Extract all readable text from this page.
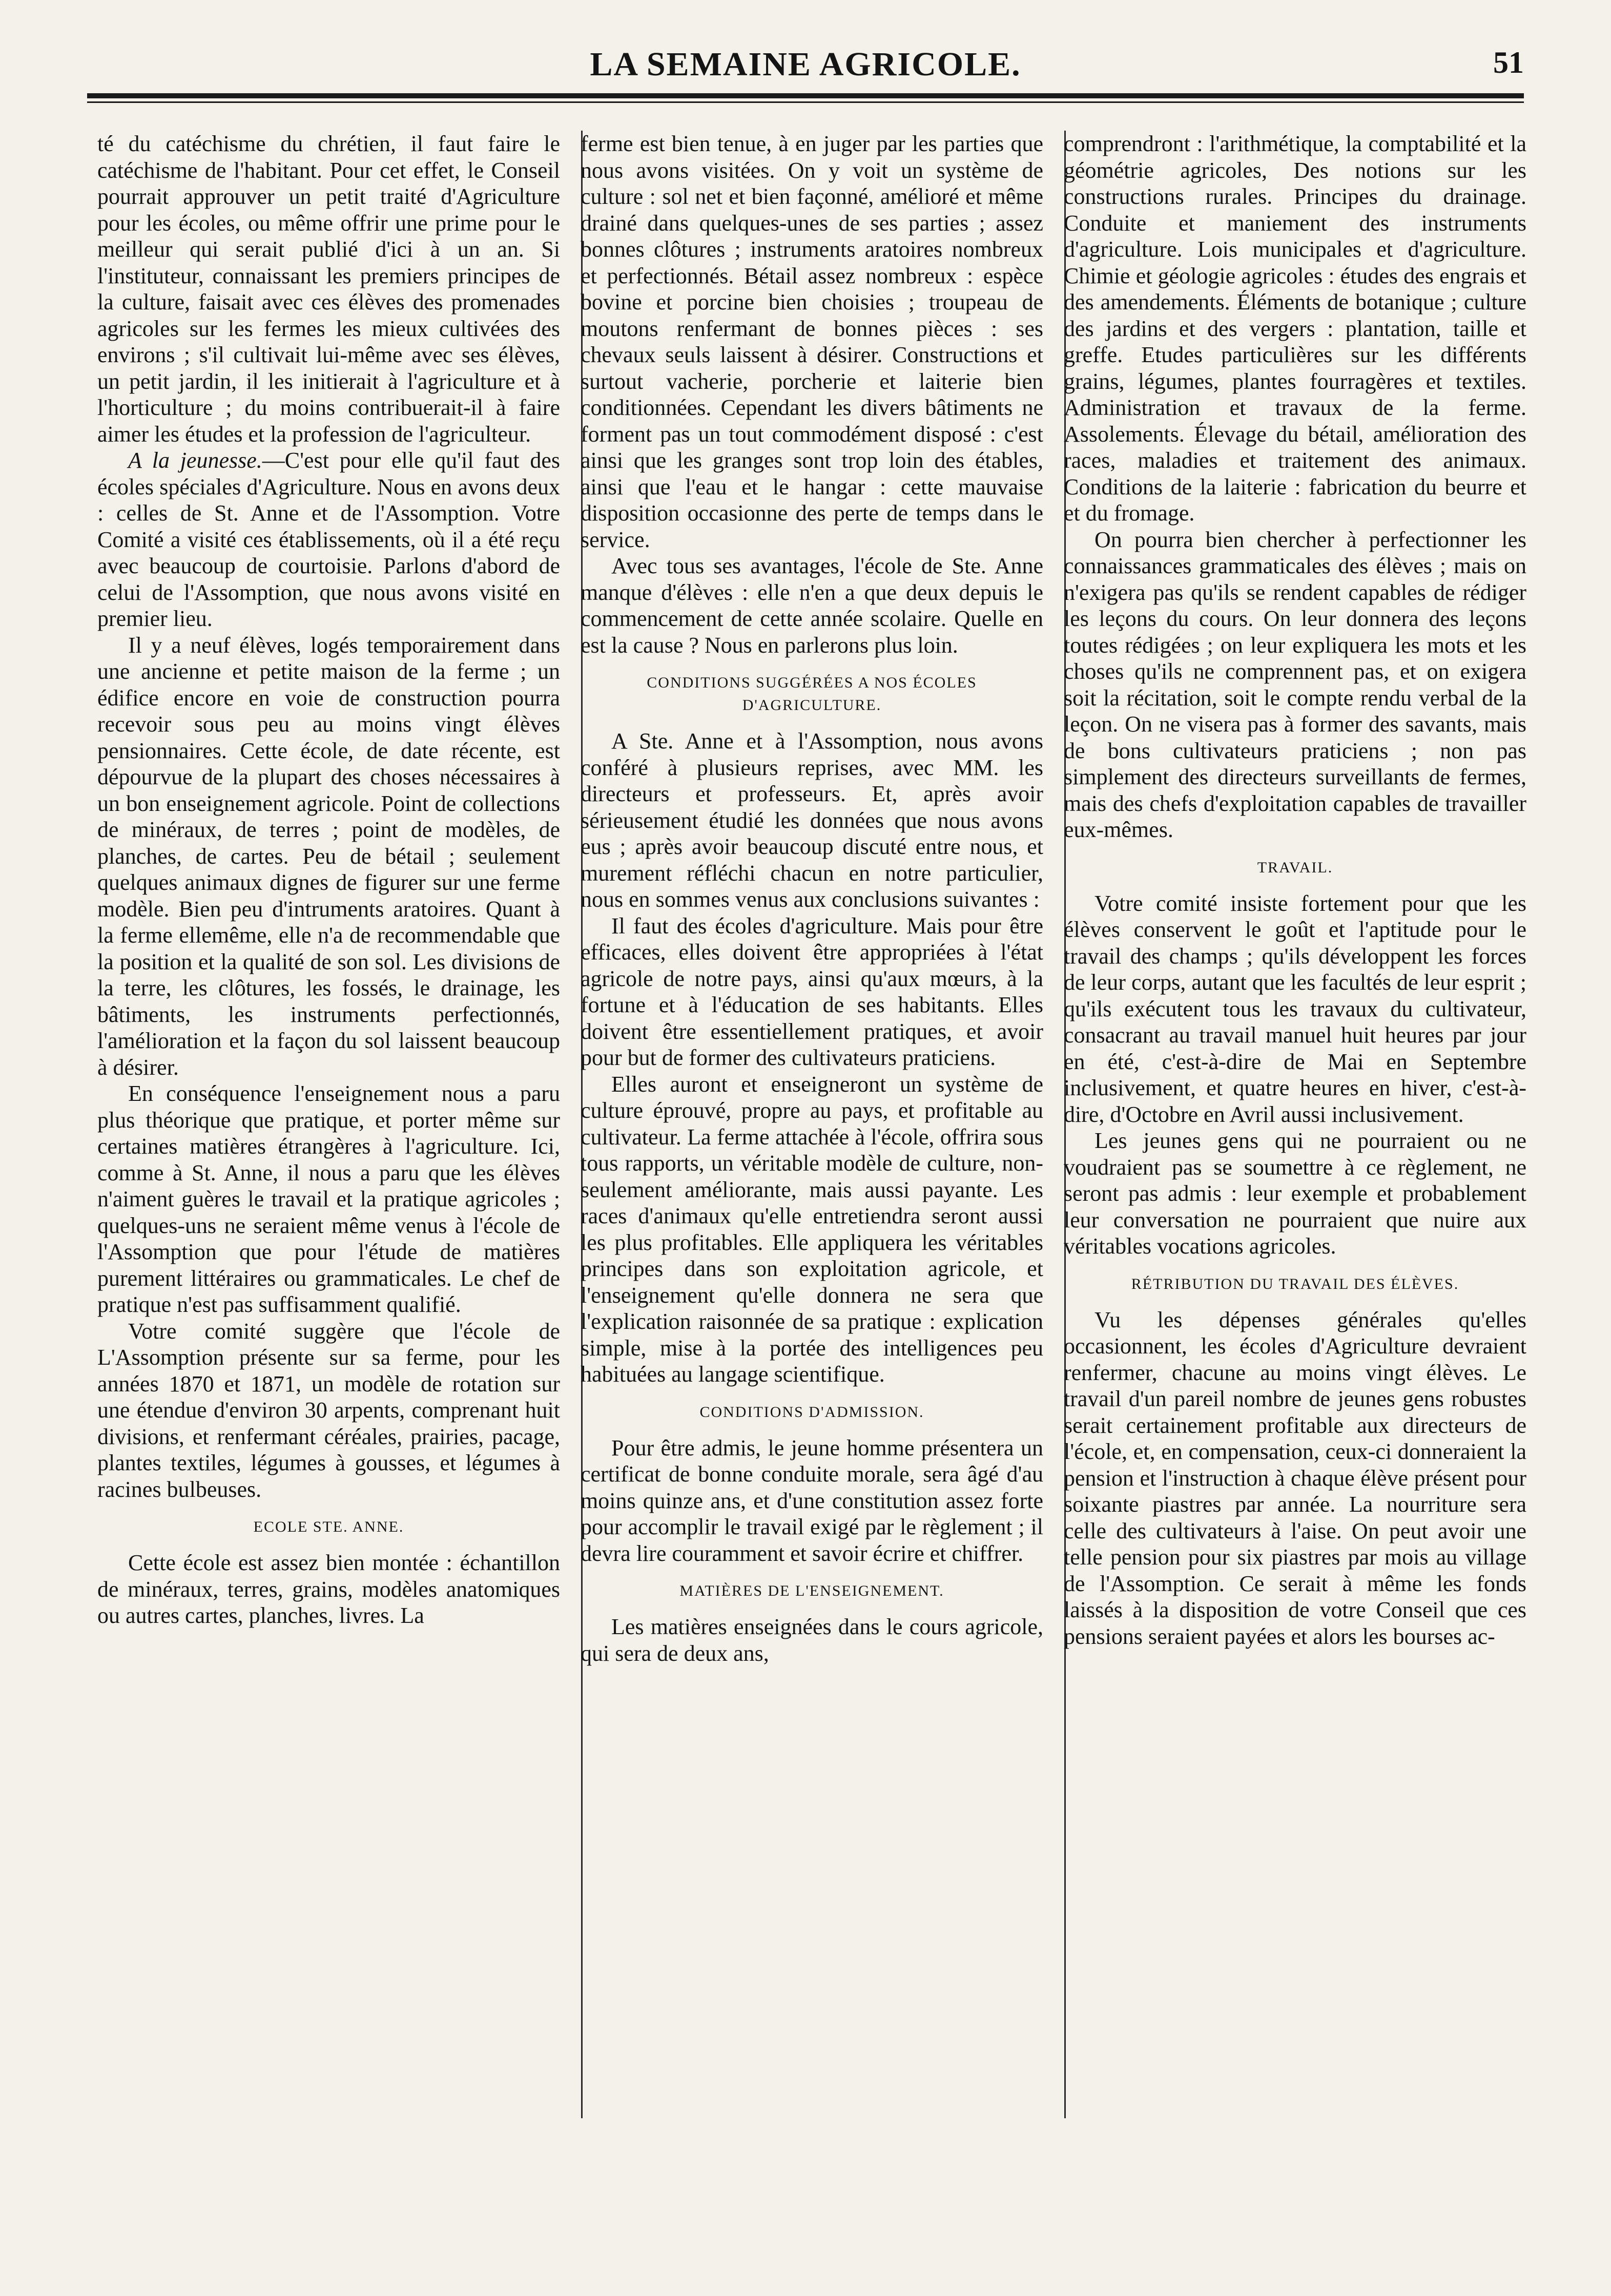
LA SEMAINE AGRICOLE.	51

té du catéchisme du chrétien, il faut faire le catéchisme de l'habitant. Pour cet effet, le Conseil pourrait approuver un petit traité d'Agriculture pour les écoles, ou même offrir une prime pour le meilleur qui serait publié d'ici à un an. Si l'instituteur, connaissant les premiers principes de la culture, faisait avec ces élèves des promenades agricoles sur les fermes les mieux cultivées des environs ; s'il cultivait lui-même avec ses élèves, un petit jardin, il les initierait à l'agriculture et à l'horticulture ; du moins contribuerait-il à faire aimer les études et la profession de l'agriculteur.

A la jeunesse.—C'est pour elle qu'il faut des écoles spéciales d'Agriculture. Nous en avons deux : celles de St. Anne et de l'Assomption. Votre Comité a visité ces établissements, où il a été reçu avec beaucoup de courtoisie. Parlons d'abord de celui de l'Assomption, que nous avons visité en premier lieu.

Il y a neuf élèves, logés temporairement dans une ancienne et petite maison de la ferme ; un édifice encore en voie de construction pourra recevoir sous peu au moins vingt élèves pensionnaires. Cette école, de date récente, est dépourvue de la plupart des choses nécessaires à un bon enseignement agricole. Point de collections de minéraux, de terres ; point de modèles, de planches, de cartes. Peu de bétail ; seulement quelques animaux dignes de figurer sur une ferme modèle. Bien peu d'intruments aratoires. Quant à la ferme ellemême, elle n'a de recommendable que la position et la qualité de son sol. Les divisions de la terre, les clôtures, les fossés, le drainage, les bâtiments, les instruments perfectionnés, l'amélioration et la façon du sol laissent beaucoup à désirer.

En conséquence l'enseignement nous a paru plus théorique que pratique, et porter même sur certaines matières étrangères à l'agriculture. Ici, comme à St. Anne, il nous a paru que les élèves n'aiment guères le travail et la pratique agricoles ; quelques-uns ne seraient même venus à l'école de l'Assomption que pour l'étude de matières purement littéraires ou grammaticales. Le chef de pratique n'est pas suffisamment qualifié.

Votre comité suggère que l'école de L'Assomption présente sur sa ferme, pour les années 1870 et 1871, un modèle de rotation sur une étendue d'environ 30 arpents, comprenant huit divisions, et renfermant céréales, prairies, pacage, plantes textiles, légumes à gousses, et légumes à racines bulbeuses.

ECOLE STE. ANNE.

Cette école est assez bien montée : échantillon de minéraux, terres, grains, modèles anatomiques ou autres cartes, planches, livres. La

ferme est bien tenue, à en juger par les parties que nous avons visitées. On y voit un système de culture : sol net et bien façonné, amélioré et même drainé dans quelques-unes de ses parties ; assez bonnes clôtures ; instruments aratoires nombreux et perfectionnés. Bétail assez nombreux : espèce bovine et porcine bien choisies ; troupeau de moutons renfermant de bonnes pièces : ses chevaux seuls laissent à désirer. Constructions et surtout vacherie, porcherie et laiterie bien conditionnées. Cependant les divers bâtiments ne forment pas un tout commodément disposé : c'est ainsi que les granges sont trop loin des étables, ainsi que l'eau et le hangar : cette mauvaise disposition occasionne des perte de temps dans le service.

Avec tous ses avantages, l'école de Ste. Anne manque d'élèves : elle n'en a que deux depuis le commencement de cette année scolaire. Quelle en est la cause ? Nous en parlerons plus loin.

CONDITIONS SUGGÉRÉES A NOS ÉCOLES D'AGRICULTURE.

A Ste. Anne et à l'Assomption, nous avons conféré à plusieurs reprises, avec MM. les directeurs et professeurs. Et, après avoir sérieusement étudié les données que nous avons eus ; après avoir beaucoup discuté entre nous, et murement réfléchi chacun en notre particulier, nous en sommes venus aux conclusions suivantes :

Il faut des écoles d'agriculture. Mais pour être efficaces, elles doivent être appropriées à l'état agricole de notre pays, ainsi qu'aux mœurs, à la fortune et à l'éducation de ses habitants. Elles doivent être essentiellement pratiques, et avoir pour but de former des cultivateurs praticiens.

Elles auront et enseigneront un système de culture éprouvé, propre au pays, et profitable au cultivateur. La ferme attachée à l'école, offrira sous tous rapports, un véritable modèle de culture, non-seulement améliorante, mais aussi payante. Les races d'animaux qu'elle entretiendra seront aussi les plus profitables. Elle appliquera les véritables principes dans son exploitation agricole, et l'enseignement qu'elle donnera ne sera que l'explication raisonnée de sa pratique : explication simple, mise à la portée des intelligences peu habituées au langage scientifique.

CONDITIONS D'ADMISSION.

Pour être admis, le jeune homme présentera un certificat de bonne conduite morale, sera âgé d'au moins quinze ans, et d'une constitution assez forte pour accomplir le travail exigé par le règlement ; il devra lire couramment et savoir écrire et chiffrer.

MATIÈRES DE L'ENSEIGNEMENT.

Les matières enseignées dans le cours agricole, qui sera de deux ans,

comprendront : l'arithmétique, la comptabilité et la géométrie agricoles, Des notions sur les constructions rurales. Principes du drainage. Conduite et maniement des instruments d'agriculture. Lois municipales et d'agriculture. Chimie et géologie agricoles : études des engrais et des amendements. Éléments de botanique ; culture des jardins et des vergers : plantation, taille et greffe. Etudes particulières sur les différents grains, légumes, plantes fourragères et textiles. Administration et travaux de la ferme. Assolements. Élevage du bétail, amélioration des races, maladies et traitement des animaux. Conditions de la laiterie : fabrication du beurre et et du fromage.

On pourra bien chercher à perfectionner les connaissances grammaticales des élèves ; mais on n'exigera pas qu'ils se rendent capables de rédiger les leçons du cours. On leur donnera des leçons toutes rédigées ; on leur expliquera les mots et les choses qu'ils ne comprennent pas, et on exigera soit la récitation, soit le compte rendu verbal de la leçon. On ne visera pas à former des savants, mais de bons cultivateurs praticiens ; non pas simplement des directeurs surveillants de fermes, mais des chefs d'exploitation capables de travailler eux-mêmes.

TRAVAIL.

Votre comité insiste fortement pour que les élèves conservent le goût et l'aptitude pour le travail des champs ; qu'ils développent les forces de leur corps, autant que les facultés de leur esprit ; qu'ils exécutent tous les travaux du cultivateur, consacrant au travail manuel huit heures par jour en été, c'est-à-dire de Mai en Septembre inclusivement, et quatre heures en hiver, c'est-à-dire, d'Octobre en Avril aussi inclusivement.

Les jeunes gens qui ne pourraient ou ne voudraient pas se soumettre à ce règlement, ne seront pas admis : leur exemple et probablement leur conversation ne pourraient que nuire aux véritables vocations agricoles.

RÉTRIBUTION DU TRAVAIL DES ÉLÈVES.

Vu les dépenses générales qu'elles occasionnent, les écoles d'Agriculture devraient renfermer, chacune au moins vingt élèves. Le travail d'un pareil nombre de jeunes gens robustes serait certainement profitable aux directeurs de l'école, et, en compensation, ceux-ci donneraient la pension et l'instruction à chaque élève présent pour soixante piastres par année. La nourriture sera celle des cultivateurs à l'aise. On peut avoir une telle pension pour six piastres par mois au village de l'Assomption. Ce serait à même les fonds laissés à la disposition de votre Conseil que ces pensions seraient payées et alors les bourses ac-
